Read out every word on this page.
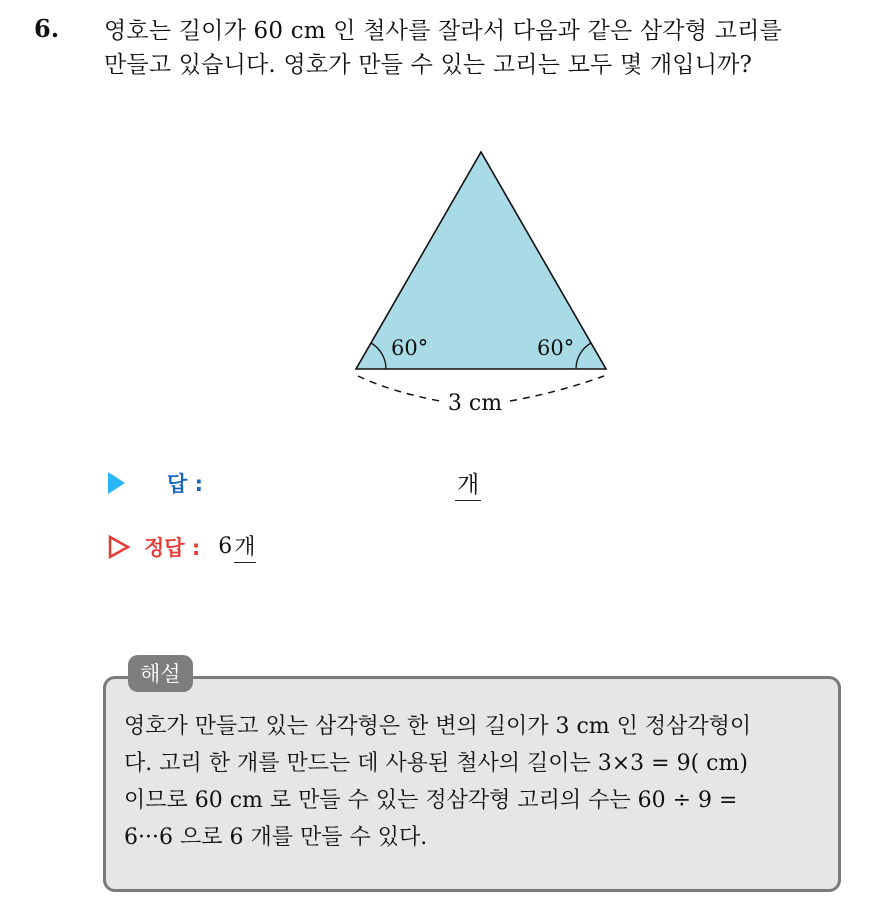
6. 영호는 길이가 60 cm 인 철사를 잘라서 다음과 같은 삼각형 고리를
만들고 있습니다. 영호가 만들 수 있는 고리는 모두 몇 개입니까?
60°	60°
3 cm
답 :	개
정답 : 6 개
해설
영호가 만들고 있는 삼각형은 한 변의 길이가 3 cm 인 정삼각형이
다. 고리 한 개를 만드는 데 사용된 철사의 길이는 3×3 = 9( cm)
이므로 60 cm 로 만들 수 있는 정삼각형 고리의 수는 60 ÷ 9 =
6···6 으로 6 개를 만들 수 있다.
